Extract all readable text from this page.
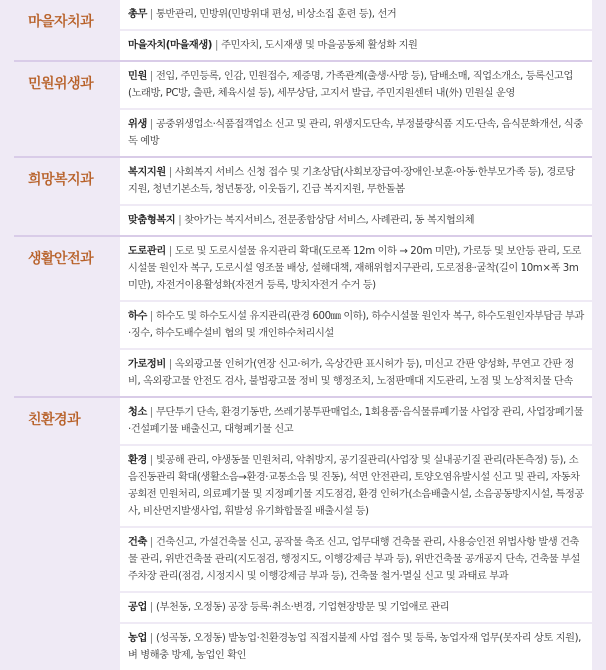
마을자치과	총무 | 통반관리, 민방위(민방위대 편성, 비상소집 훈련 등), 선거
마을자치(마을재생) | 주민자치, 도시재생 및 마을공동체 활성화 지원
민원위생과	민원 | 전입, 주민등록, 인감, 민원접수, 제증명, 가족관계(출생·사망 등), 담배소매, 직업소개소, 등록신고업(노래방, PC방, 출판, 체육시설 등), 세무상담, 고지서 발급, 주민지원센터 내(外) 민원실 운영
위생 | 공중위생업소·식품접객업소 신고 및 관리, 위생지도단속, 부정불량식품 지도·단속, 음식문화개선, 식중독 예방
희망복지과	복지지원 | 사회복지 서비스 신청 접수 및 기초상담(사회보장급여·장애인·보훈·아동·한부모가족 등), 경로당 지원, 청년기본소득, 청년통장, 이웃돕기, 긴급 복지지원, 무한돌봄
맞춤형복지 | 찾아가는 복지서비스, 전문종합상담 서비스, 사례관리, 동 복지협의체
생활안전과	도로관리 | 도로 및 도로시설물 유지관리 확대(도로폭 12m 이하 → 20m 미만), 가로등 및 보안등 관리, 도로시설물 원인자 복구, 도로시설 영조물 배상, 설해대책, 재해위험지구관리, 도로점용·굴착(길이 10m×폭 3m 미만), 자전거이용활성화(자전거 등록, 방치자전거 수거 등)
하수 | 하수도 및 하수도시설 유지관리(관경 600㎜ 이하), 하수시설물 원인자 복구, 하수도원인자부담금 부과·징수, 하수도배수설비 협의 및 개인하수처리시설
가로정비 | 옥외광고물 인허가(연장 신고·허가, 옥상간판 표시허가 등), 미신고 간판 양성화, 무연고 간판 정비, 옥외광고물 안전도 검사, 불법광고물 정비 및 행정조치, 노점판매대 지도관리, 노점 및 노상적치물 단속
친환경과	청소 | 무단투기 단속, 환경기동반, 쓰레기봉투판매업소, 1회용품·음식물류폐기물 사업장 관리, 사업장폐기물·건설폐기물 배출신고, 대형폐기물 신고
환경 | 빛공해 관리, 야생동물 민원처리, 악취방지, 공기질관리(사업장 및 실내공기질 관리(라돈측정) 등), 소음진동관리 확대(생활소음→환경·교통소음 및 진동), 석면 안전관리, 토양오염유발시설 신고 및 관리, 자동차공회전 민원처리, 의료폐기물 및 지정폐기물 지도점검, 환경 인허가(소음배출시설, 소음공동방지시설, 특정공사, 비산먼지발생사업, 휘발성 유기화합물질 배출시설 등)
건축 | 건축신고, 가설건축물 신고, 공작물 축조 신고, 업무대행 건축물 관리, 사용승인전 위법사항 발생 건축물 관리, 위반건축물 관리(지도점검, 행정지도, 이행강제금 부과 등), 위반건축물 공개공지 단속, 건축물 부설주차장 관리(점검, 시정지시 및 이행강제금 부과 등), 건축물 철거·멸실 신고 및 과태료 부과
공업 | (부천동, 오정동) 공장 등록·취소·변경, 기업현장방문 및 기업애로 관리
농업 | (성곡동, 오정동) 밭농업·친환경농업 직접지불제 사업 접수 및 등록, 농업자재 업무(못자리 상토 지원), 벼 병해충 방제, 농업인 확인
